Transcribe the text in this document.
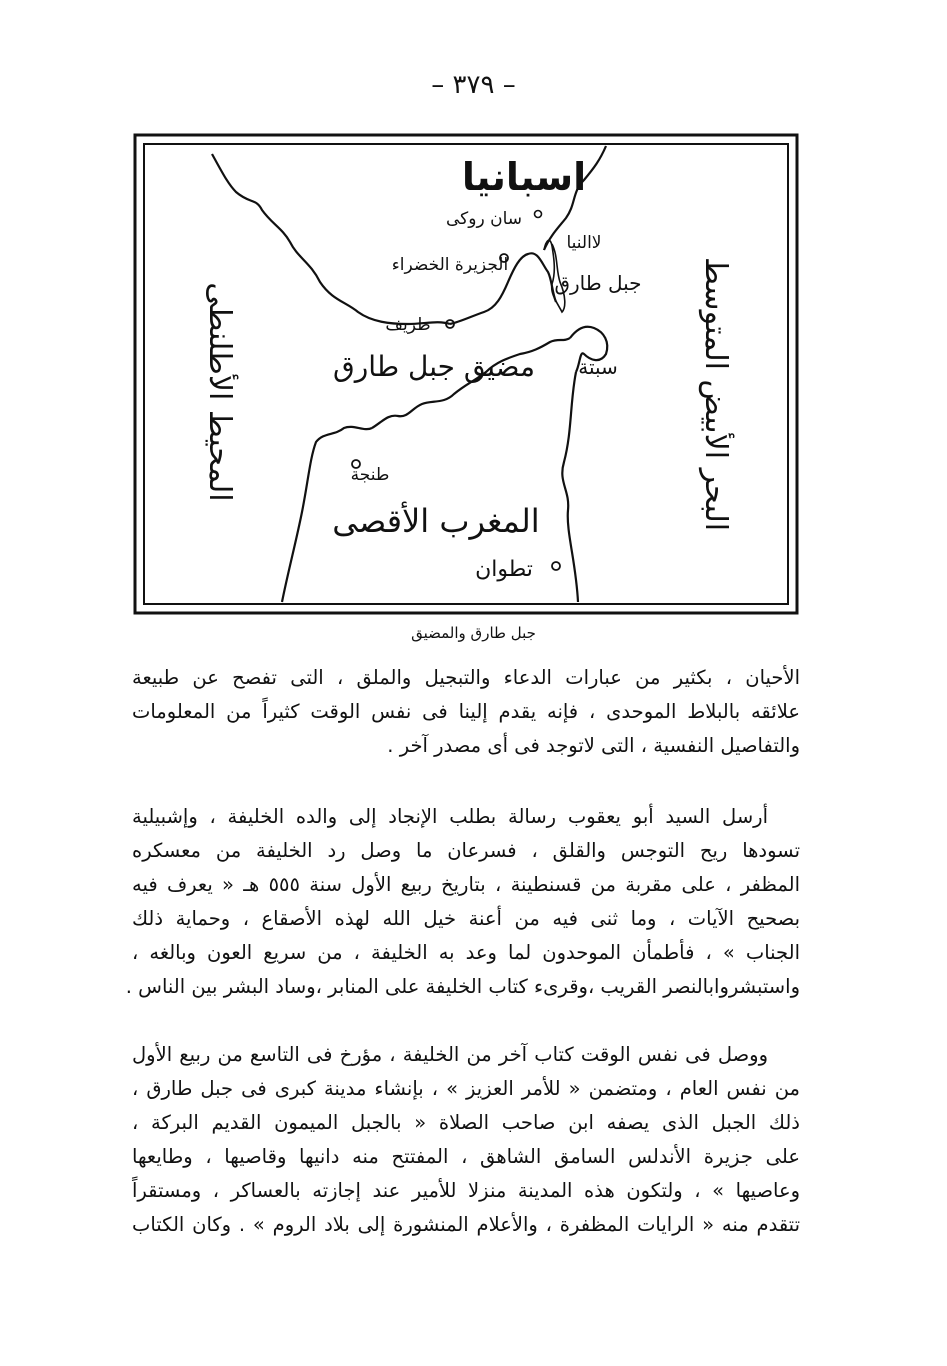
– ٣٧٩ –
اسبانيا
سان روكى
لاالنيا
الجزيرة الخضراء
جبل طارق
طريف
مضيق جبل طارق سبتة
طنجة
المغرب الأقصى
تطوان
المحيط الأطلنطى	البحر الأبيض المتوسط
جبل طارق والمضيق

الأحيان ، بكثير من عبارات الدعاء والتبجيل والملق ، التى تفصح عن طبيعة
علائقه بالبلاط الموحدى ، فإنه يقدم إلينا فى نفس الوقت كثيراً من المعلومات
والتفاصيل النفسية ، التى لاتوجد فى أى مصدر آخر .

أرسل السيد أبو يعقوب رسالة بطلب الإنجاد إلى والده الخليفة ، وإشبيلية
تسودها ريح التوجس والقلق ، فسرعان ما وصل رد الخليفة من معسكره
المظفر ، على مقربة من قسنطينة ، بتاريخ ربيع الأول سنة ٥٥٥ هـ « يعرف فيه
بصحيح الآيات ، وما ثنى فيه من أعنة خيل الله لهذه الأصقاع ، وحماية ذلك
الجناب » ، فأطمأن الموحدون لما وعد به الخليفة ، من سريع العون وبالغه ،
واستبشروابالنصر القريب ،وقرىء كتاب الخليفة على المنابر ،وساد البشر بين الناس .

ووصل فى نفس الوقت كتاب آخر من الخليفة ، مؤرخ فى التاسع من ربيع الأول
من نفس العام ، ومتضمن « للأمر العزيز » ، بإنشاء مدينة كبرى فى جبل طارق ،
ذلك الجبل الذى يصفه ابن صاحب الصلاة « بالجبل الميمون القديم البركة ،
على جزيرة الأندلس السامق الشاهق ، المفتتح منه دانيها وقاصيها ، وطايعها
وعاصيها » ، ولتكون هذه المدينة منزلا للأمير عند إجازته بالعساكر ، ومستقراً
تتقدم منه « الرايات المظفرة ، والأعلام المنشورة إلى بلاد الروم » . وكان الكتاب
